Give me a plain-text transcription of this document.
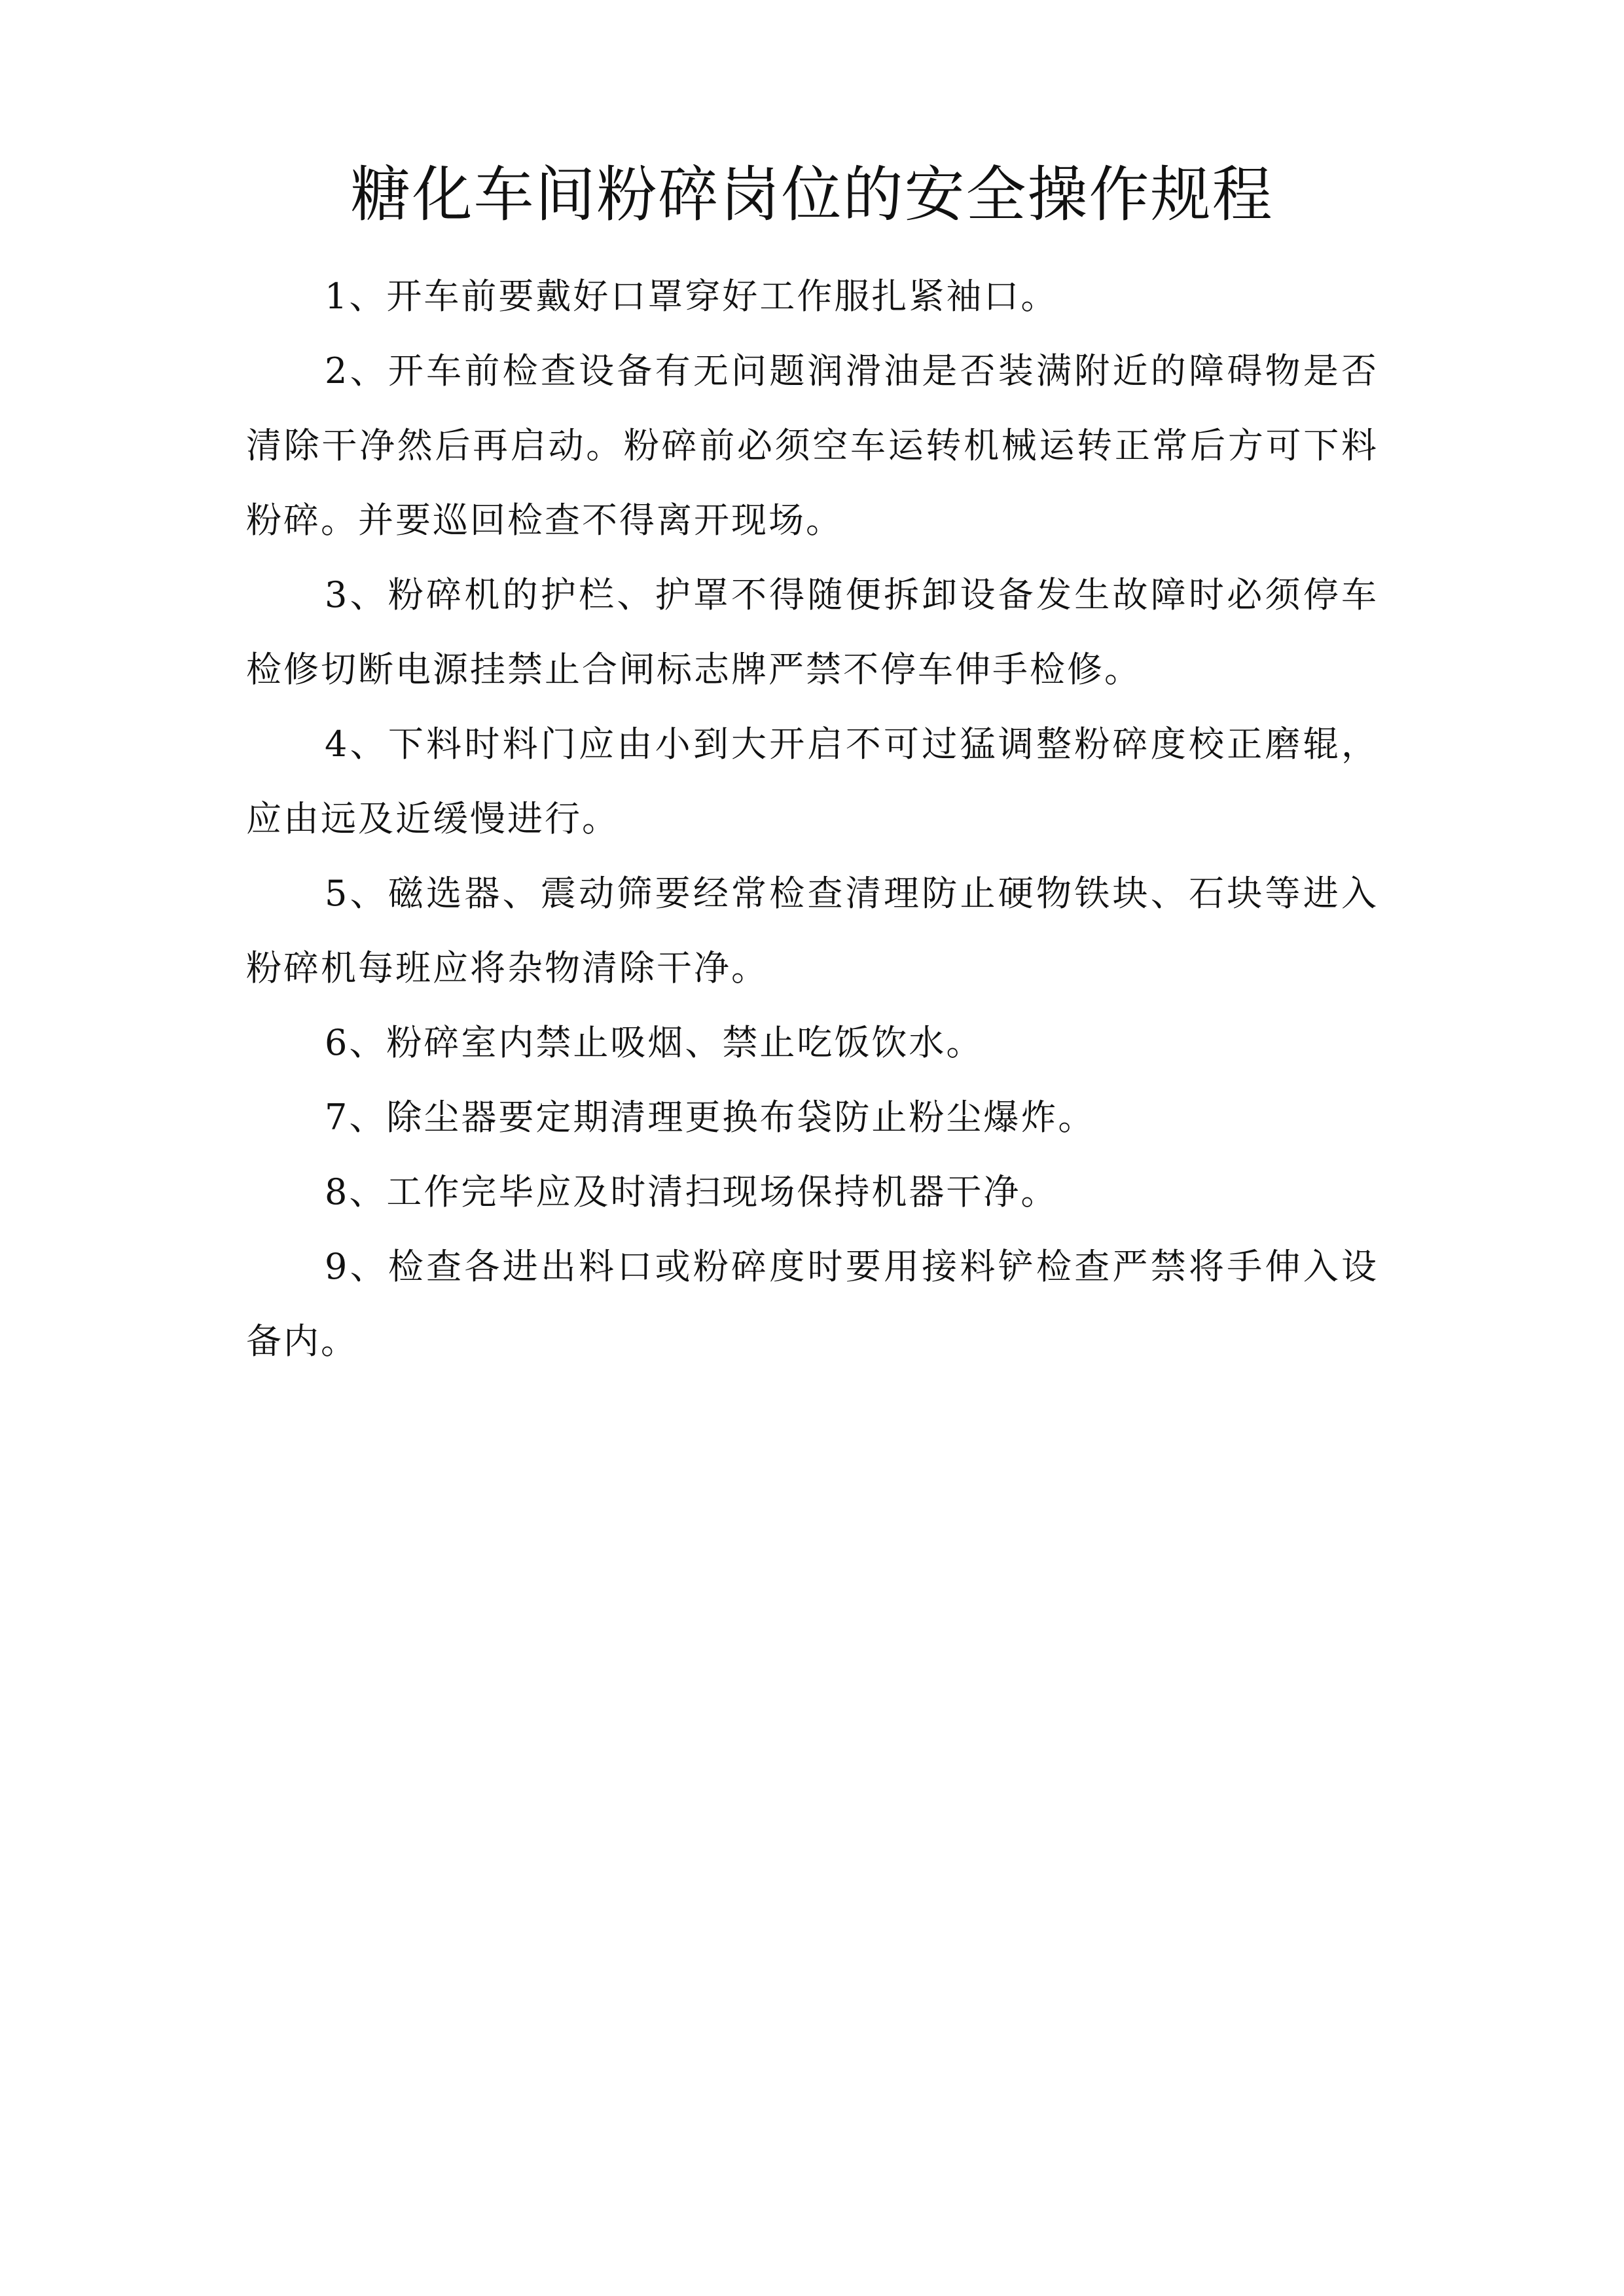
糖化车间粉碎岗位的安全操作规程

1、开车前要戴好口罩穿好工作服扎紧袖口。

2、开车前检查设备有无问题润滑油是否装满附近的障碍物是否清除干净然后再启动。粉碎前必须空车运转机械运转正常后方可下料粉碎。并要巡回检查不得离开现场。

3、粉碎机的护栏、护罩不得随便拆卸设备发生故障时必须停车检修切断电源挂禁止合闸标志牌严禁不停车伸手检修。

4、下料时料门应由小到大开启不可过猛调整粉碎度校正磨辊，应由远及近缓慢进行。

5、磁选器、震动筛要经常检查清理防止硬物铁块、石块等进入粉碎机每班应将杂物清除干净。

6、粉碎室内禁止吸烟、禁止吃饭饮水。

7、除尘器要定期清理更换布袋防止粉尘爆炸。

8、工作完毕应及时清扫现场保持机器干净。

9、检查各进出料口或粉碎度时要用接料铲检查严禁将手伸入设备内。
